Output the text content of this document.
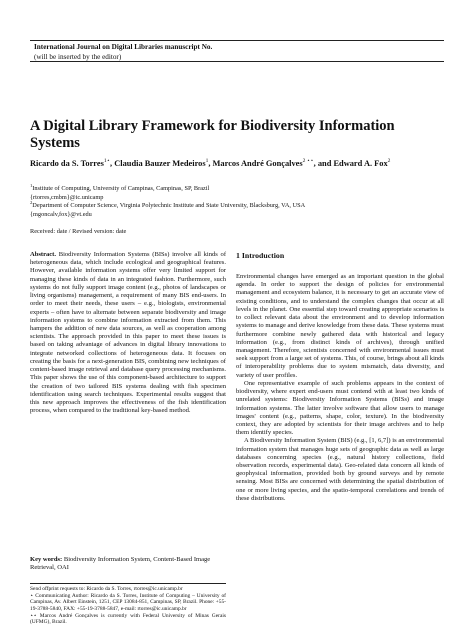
International Journal on Digital Libraries manuscript No.
(will be inserted by the editor)
A Digital Library Framework for Biodiversity Information Systems
Ricardo da S. Torres$^{1⋆}$, Claudia Bauzer Medeiros$^1$, Marcos André Gonçalves$^{2 ⋆⋆}$, and Edward A. Fox$^2$
$^1$Institute of Computing, University of Campinas, Campinas, SP, Brazil
{rtorres,cmbm}@ic.unicamp
$^2$Department of Computer Science, Virginia Polytechnic Institute and State University, Blacksburg, VA, USA
{mgoncalv,fox}@vt.edu
Received: date / Revised version: date
Abstract. Biodiversity Information Systems (BISs) involve all kinds of heterogeneous data, which include ecological and geographical features. However, available information systems offer very limited support for managing these kinds of data in an integrated fashion. Furthermore, such systems do not fully support image content (e.g., photos of landscapes or living organisms) management, a requirement of many BIS end-users. In order to meet their needs, these users – e.g., biologists, environmental experts – often have to alternate between separate biodiversity and image information systems to combine information extracted from them. This hampers the addition of new data sources, as well as cooperation among scientists. The approach provided in this paper to meet these issues is based on taking advantage of advances in digital library innovations to integrate networked collections of heterogeneous data. It focuses on creating the basis for a next-generation BIS, combining new techniques of content-based image retrieval and database query processing mechanisms. This paper shows the use of this component-based architecture to support the creation of two tailored BIS systems dealing with fish specimen identification using search techniques. Experimental results suggest that this new approach improves the effectiveness of the fish identification process, when compared to the traditional key-based method.
Key words: Biodiversity Information System, Content-Based Image Retrieval, OAI

Send offprint requests to: Ricardo da S. Torres, rtorres@ic.unicamp.br

⋆ Communicating Author: Ricardo da S. Torres, Institute of Computing – University of Campinas, Av. Albert Einstein, 1251, CEP 13084-851, Campinas, SP, Brazil. Phone: +55-19-3788-5840, FAX: +55-19-3788-5847, e-mail: rtorres@ic.unicamp.br

⋆⋆ Marcos André Gonçalves is currently with Federal University of Minas Gerais (UFMG), Brazil.

1 Introduction

Environmental changes have emerged as an important question in the global agenda. In order to support the design of policies for environmental management and ecosystem balance, it is necessary to get an accurate view of existing conditions, and to understand the complex changes that occur at all levels in the planet. One essential step toward creating appropriate scenarios is to collect relevant data about the environment and to develop information systems to manage and derive knowledge from these data. These systems must furthermore combine newly gathered data with historical and legacy information (e.g., from distinct kinds of archives), through unified management. Therefore, scientists concerned with environmental issues must seek support from a large set of systems. This, of course, brings about all kinds of interoperability problems due to system mismatch, data diversity, and variety of user profiles.

One representative example of such problems appears in the context of biodiversity, where expert end-users must contend with at least two kinds of unrelated systems: Biodiversity Information Systems (BISs) and image information systems. The latter involve software that allow users to manage images' content (e.g., patterns, shape, color, texture). In the biodiversity context, they are adopted by scientists for their image archives and to help them identify species.

A Biodiversity Information System (BIS) (e.g., [1, 6,7]) is an environmental information system that manages huge sets of geographic data as well as large databases concerning species (e.g., natural history collections, field observation records, experimental data). Geo-related data concern all kinds of geophysical information, provided both by ground surveys and by remote sensing. Most BISs are concerned with determining the spatial distribution of one or more living species, and the spatio-temporal correlations and trends of these distributions.
